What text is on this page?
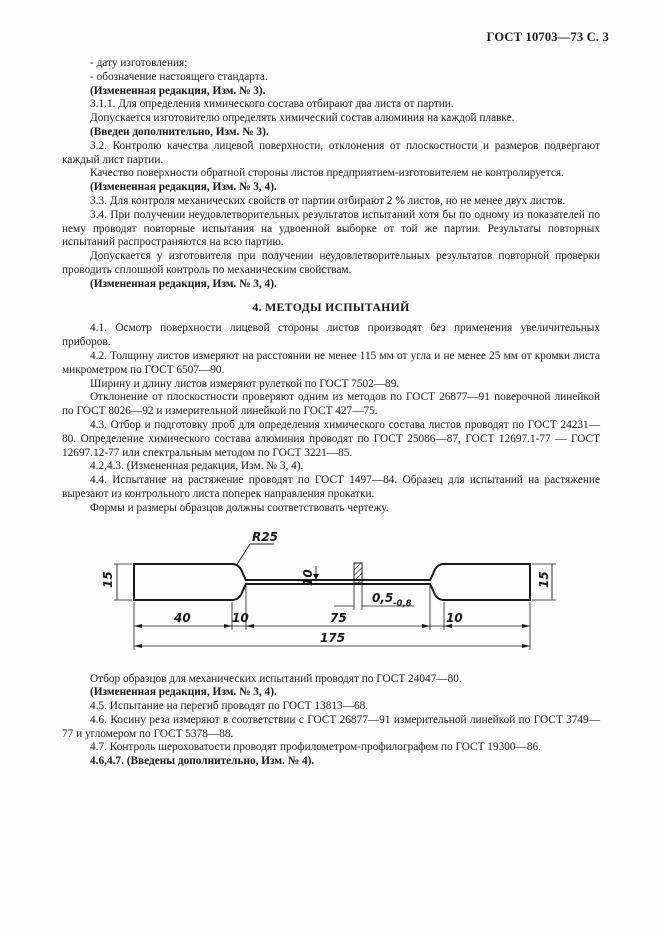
ГОСТ 10703—73 С. 3

- дату изготовления;

- обозначение настоящего стандарта.

(Измененная редакция, Изм. № 3).

3.1.1. Для определения химического состава отбирают два листа от партии.

Допускается изготовителю определять химический состав алюминия на каждой плавке.

(Введен дополнительно, Изм. № 3).

3.2. Контролю качества лицевой поверхности, отклонения от плоскостности и размеров подвергают каждый лист партии.

Качество поверхности обратной стороны листов предприятием-изготовителем не контролируется.

(Измененная редакция, Изм. № 3, 4).

3.3. Для контроля механических свойств от партии отбирают 2 % листов, но не менее двух листов.

3.4. При получении неудовлетворительных результатов испытаний хотя бы по одному из показателей по нему проводят повторные испытания на удвоенной выборке от той же партии. Результаты повторных испытаний распространяются на всю партию.

Допускается у изготовителя при получении неудовлетворительных результатов повторной проверки проводить сплошной контроль по механическим свойствам.

(Измененная редакция, Изм. № 3, 4).

4. МЕТОДЫ ИСПЫТАНИЙ

4.1. Осмотр поверхности лицевой стороны листов производят без применения увеличительных приборов.

4.2. Толщину листов измеряют на расстоянии не менее 115 мм от угла и не менее 25 мм от кромки листа микрометром по ГОСТ 6507—90.

Ширину и длину листов измеряют рулеткой по ГОСТ 7502—89.

Отклонение от плоскостности проверяют одним из методов по ГОСТ 26877—91 поверочной линейкой по ГОСТ 8026—92 и измерительной линейкой по ГОСТ 427—75.

4.3. Отбор и подготовку проб для определения химического состава листов проводят по ГОСТ 24231—80. Определение химического состава алюминия проводят по ГОСТ 25086—87, ГОСТ 12697.1-77 — ГОСТ 12697.12-77 или спектральным методом по ГОСТ 3221—85.

4.2,4.3. (Измененная редакция, Изм. № 3, 4).

4.4. Испытание на растяжение проводят по ГОСТ 1497—84. Образец для испытаний на растяжение вырезают из контрольного листа поперек направления прокатки.

Формы и размеры образцов должны соответствовать чертежу.

R25
15	15
10
0,5 -0,8
40	10	75	10
175

Отбор образцов для механических испытаний проводят по ГОСТ 24047—80.

(Измененная редакция, Изм. № 3, 4).

4.5. Испытание на перегиб проводят по ГОСТ 13813—68.

4.6. Косину реза измеряют в соответствии с ГОСТ 26877—91 измерительной линейкой по ГОСТ 3749—77 и угломером по ГОСТ 5378—88.

4.7. Контроль шероховатости проводят профилометром-профилографом по ГОСТ 19300—86.

4.6,4.7. (Введены дополнительно, Изм. № 4).
